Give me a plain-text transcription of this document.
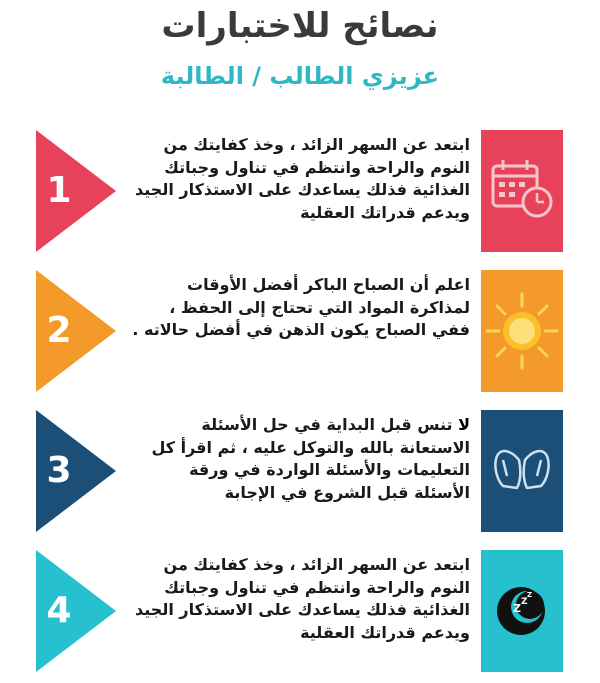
نصائح للاختبارات
عزيزي الطالب / الطالبة
1
ابتعد عن السهر الزائد ، وخذ كفايتك من النوم والراحة وانتظم في تناول وجباتك الغذائية فذلك يساعدك على الاستذكار الجيد ويدعم قدراتك العقلية
2
اعلم أن الصباح الباكر أفضل الأوقات لمذاكرة المواد التي تحتاج إلى الحفظ ، ففي الصباح يكون الذهن في أفضل حالاته .
3
لا تنس قبل البداية في حل الأسئلة الاستعانة بالله والتوكل عليه ، ثم اقرأ كل التعليمات والأسئلة الواردة في ورقة الأسئلة قبل الشروع في الإجابة
4
ابتعد عن السهر الزائد ، وخذ كفايتك من النوم والراحة وانتظم في تناول وجباتك الغذائية فذلك يساعدك على الاستذكار الجيد ويدعم قدراتك العقلية
Z Z
Z
